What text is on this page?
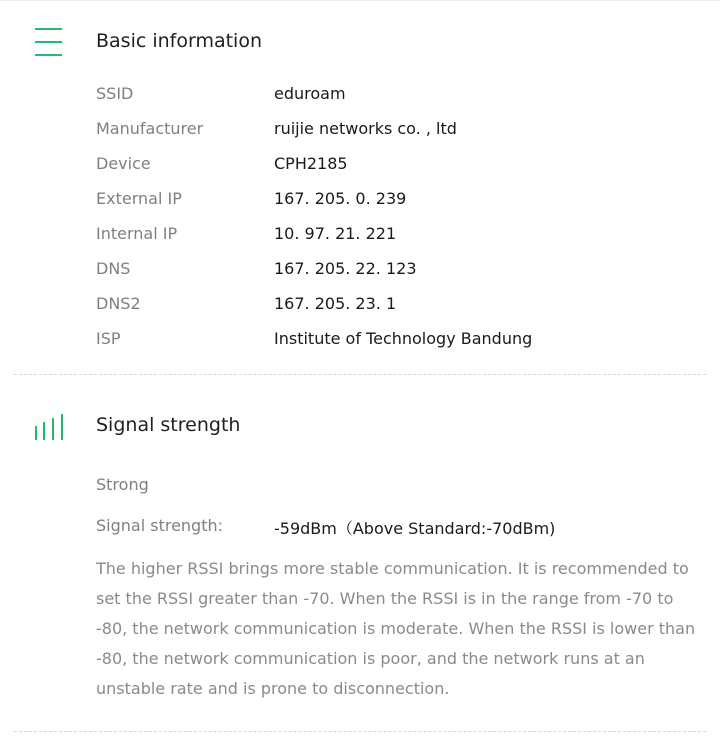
Basic information
SSID	eduroam
Manufacturer	ruijie networks co. , ltd
Device	CPH2185
External IP	167. 205. 0. 239
Internal IP	10. 97. 21. 221
DNS	167. 205. 22. 123
DNS2	167. 205. 23. 1
ISP	Institute of Technology Bandung
Signal strength
Strong
Signal strength:	-59dBm（Above Standard:-70dBm)
The higher RSSI brings more stable communication. It is recommended to set the RSSI greater than -70. When the RSSI is in the range from -70 to -80, the network communication is moderate. When the RSSI is lower than -80, the network communication is poor, and the network runs at an unstable rate and is prone to disconnection.
